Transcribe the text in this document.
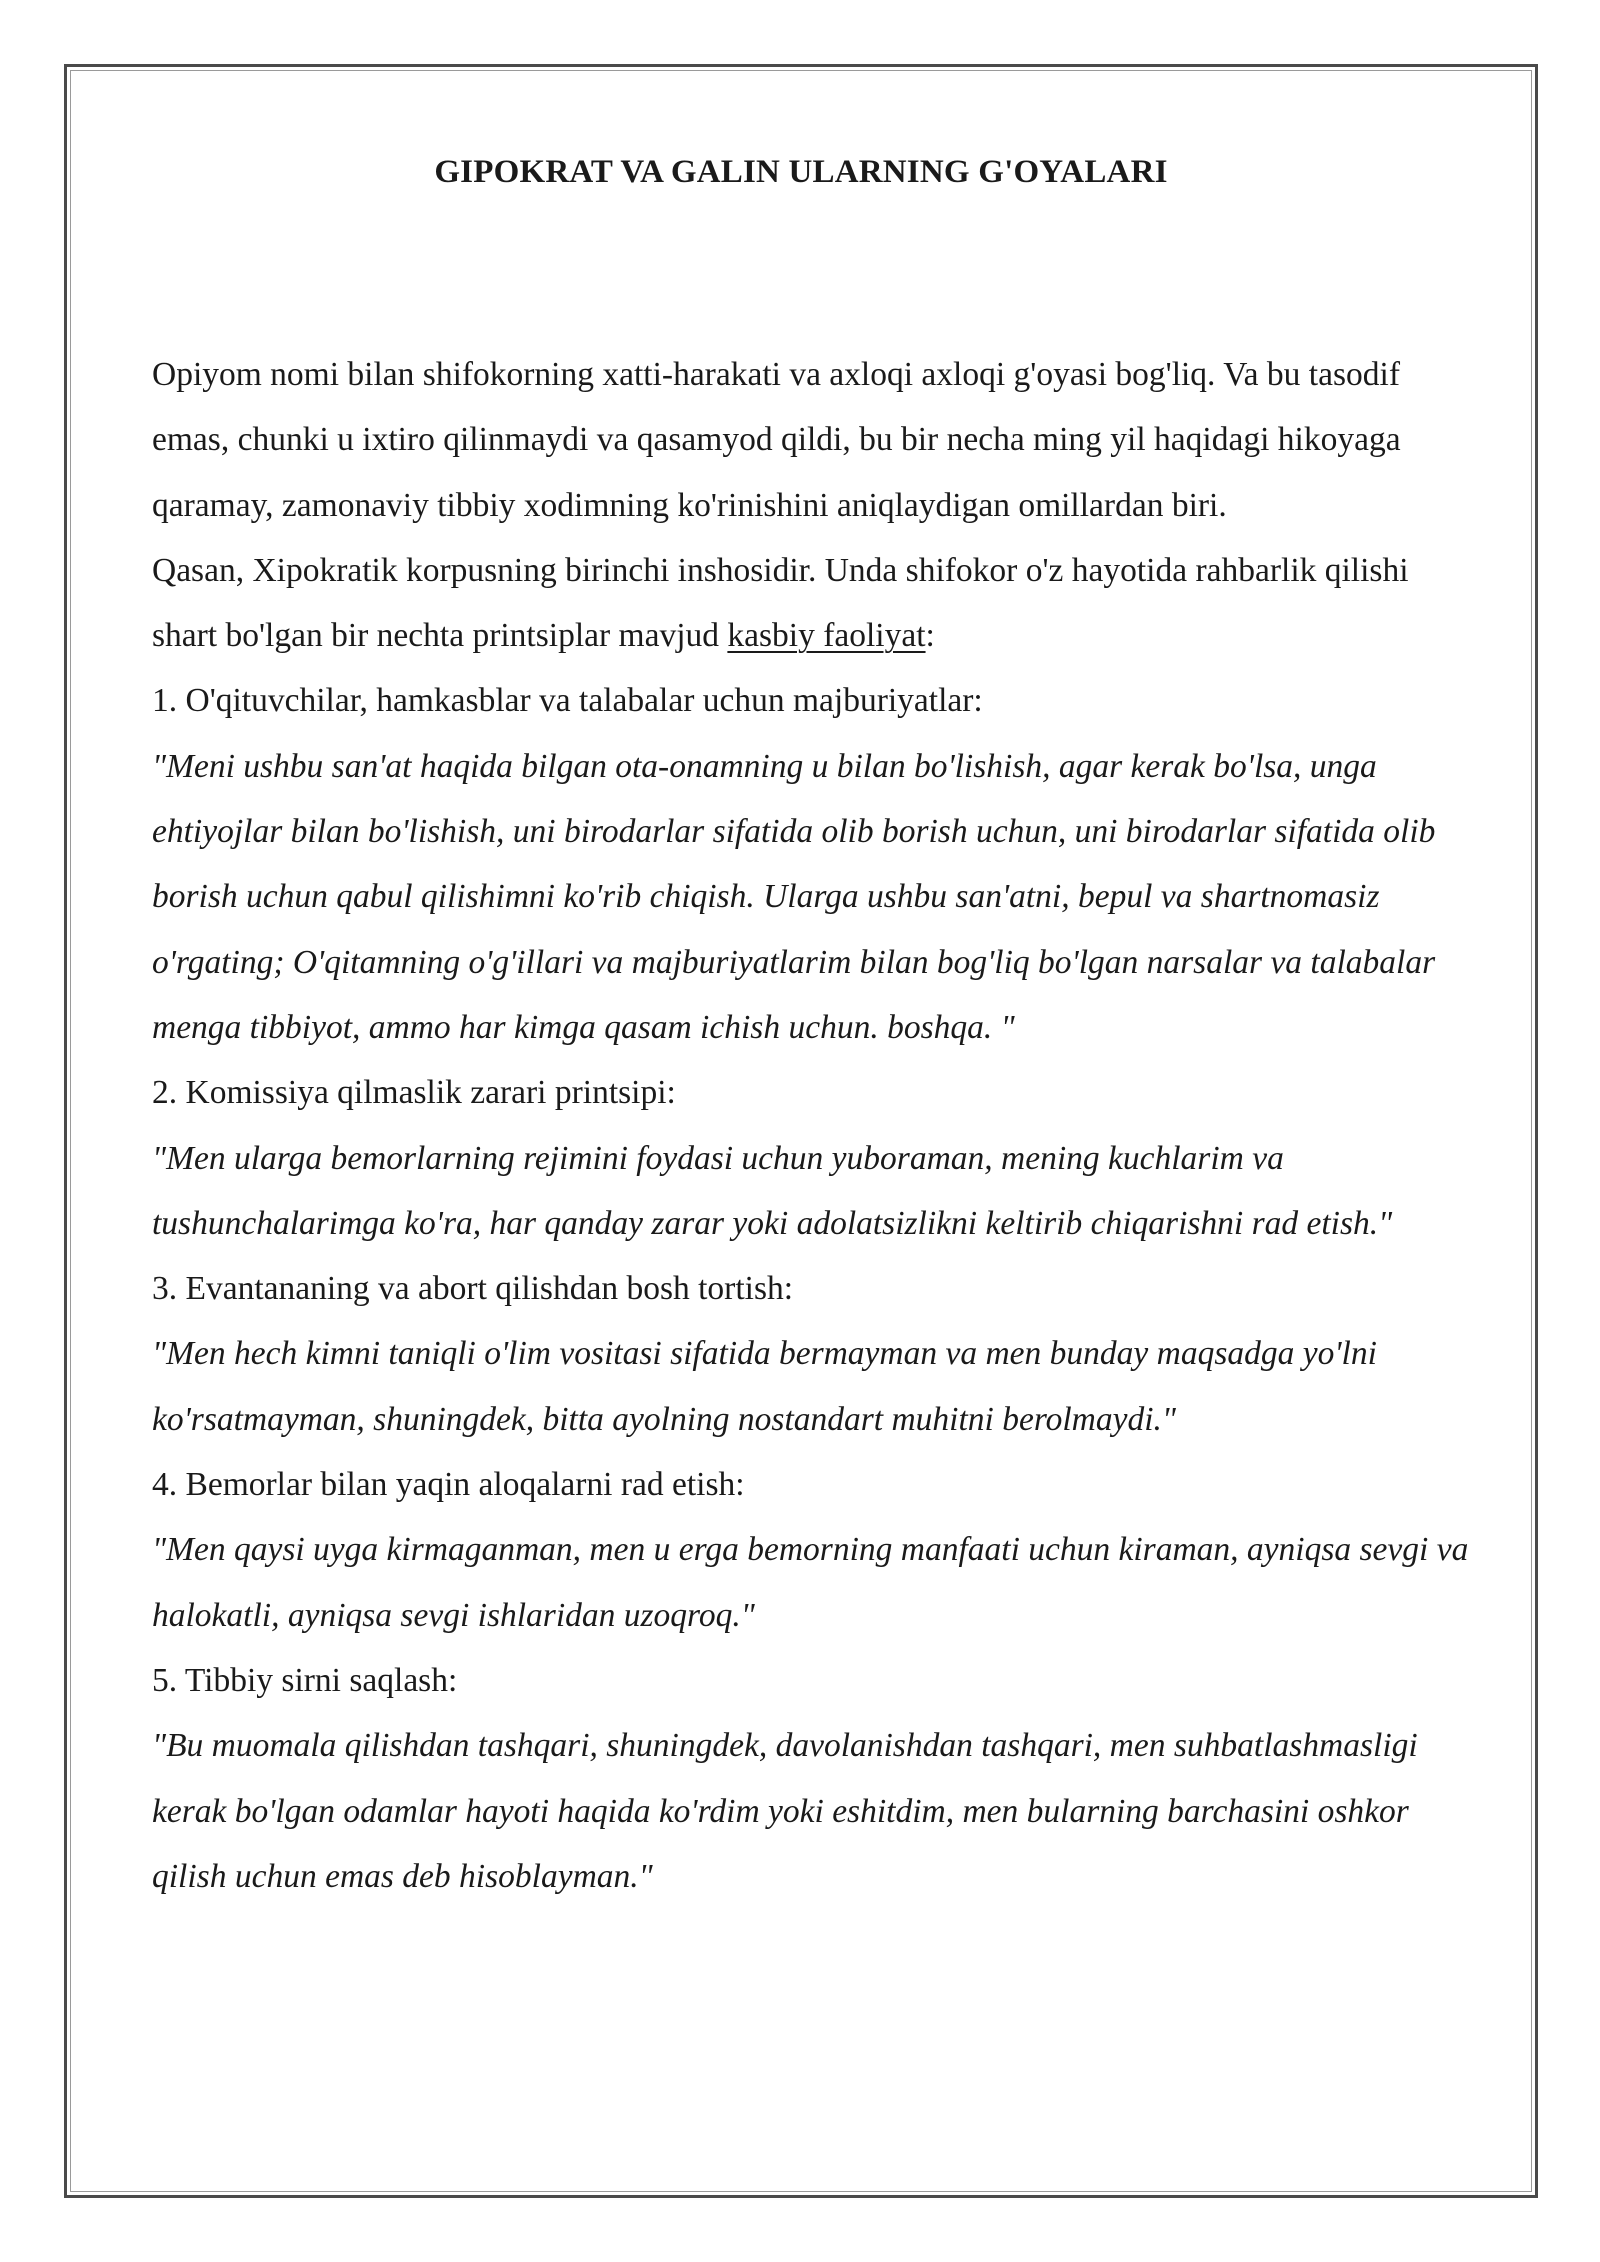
GIPOKRAT VA GALIN ULARNING G'OYALARI

Opiyom nomi bilan shifokorning xatti-harakati va axloqi axloqi g'oyasi bog'liq. Va bu tasodif emas, chunki u ixtiro qilinmaydi va qasamyod qildi, bu bir necha ming yil haqidagi hikoyaga qaramay, zamonaviy tibbiy xodimning ko'rinishini aniqlaydigan omillardan biri.

Qasan, Xipokratik korpusning birinchi inshosidir. Unda shifokor o'z hayotida rahbarlik qilishi shart bo'lgan bir nechta printsiplar mavjud kasbiy faoliyat:

1. O'qituvchilar, hamkasblar va talabalar uchun majburiyatlar:

"Meni ushbu san'at haqida bilgan ota-onamning u bilan bo'lishish, agar kerak bo'lsa, unga ehtiyojlar bilan bo'lishish, uni birodarlar sifatida olib borish uchun, uni birodarlar sifatida olib borish uchun qabul qilishimni ko'rib chiqish. Ularga ushbu san'atni, bepul va shartnomasiz o'rgating; O'qitamning o'g'illari va majburiyatlarim bilan bog'liq bo'lgan narsalar va talabalar menga tibbiyot, ammo har kimga qasam ichish uchun. boshqa. "

2. Komissiya qilmaslik zarari printsipi:

"Men ularga bemorlarning rejimini foydasi uchun yuboraman, mening kuchlarim va tushunchalarimga ko'ra, har qanday zarar yoki adolatsizlikni keltirib chiqarishni rad etish."

3. Evantananing va abort qilishdan bosh tortish:

"Men hech kimni taniqli o'lim vositasi sifatida bermayman va men bunday maqsadga yo'lni ko'rsatmayman, shuningdek, bitta ayolning nostandart muhitni berolmaydi."

4. Bemorlar bilan yaqin aloqalarni rad etish:

"Men qaysi uyga kirmaganman, men u erga bemorning manfaati uchun kiraman, ayniqsa sevgi va halokatli, ayniqsa sevgi ishlaridan uzoqroq."

5. Tibbiy sirni saqlash:

"Bu muomala qilishdan tashqari, shuningdek, davolanishdan tashqari, men suhbatlashmasligi kerak bo'lgan odamlar hayoti haqida ko'rdim yoki eshitdim, men bularning barchasini oshkor qilish uchun emas deb hisoblayman."
